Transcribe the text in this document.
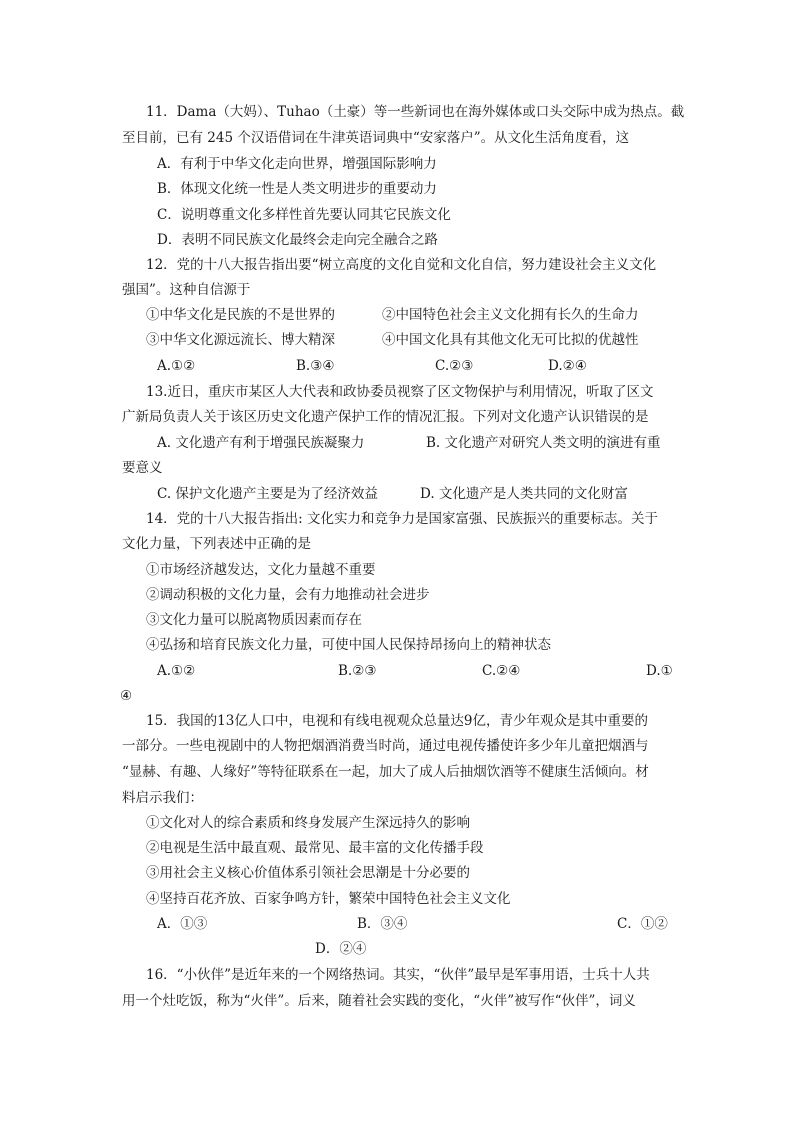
11．Dama（大妈）、Tuhao（土豪）等一些新词也在海外媒体或口头交际中成为热点。截
至目前，已有 245 个汉语借词在牛津英语词典中“安家落户”。从文化生活角度看，这
A．有利于中华文化走向世界，增强国际影响力
B．体现文化统一性是人类文明进步的重要动力
C．说明尊重文化多样性首先要认同其它民族文化
D．表明不同民族文化最终会走向完全融合之路
12．党的十八大报告指出要“树立高度的文化自觉和文化自信，努力建设社会主义文化
强国”。这种自信源于
①中华文化是民族的不是世界的	②中国特色社会主义文化拥有长久的生命力
③中华文化源远流长、博大精深	④中国文化具有其他文化无可比拟的优越性
A.①②	B.③④	C.②③	D.②④
13.近日，重庆市某区人大代表和政协委员视察了区文物保护与利用情况，听取了区文
广新局负责人关于该区历史文化遗产保护工作的情况汇报。下列对文化遗产认识错误的是
A. 文化遗产有利于增强民族凝聚力	B. 文化遗产对研究人类文明的演进有重
要意义
C. 保护文化遗产主要是为了经济效益	D. 文化遗产是人类共同的文化财富
14．党的十八大报告指出: 文化实力和竞争力是国家富强、民族振兴的重要标志。关于
文化力量，下列表述中正确的是
①市场经济越发达，文化力量越不重要
②调动积极的文化力量，会有力地推动社会进步
③文化力量可以脱离物质因素而存在
④弘扬和培育民族文化力量，可使中国人民保持昂扬向上的精神状态
A.①②	B.②③	C.②④	D.①
④
15．我国的13亿人口中，电视和有线电视观众总量达9亿，青少年观众是其中重要的
一部分。一些电视剧中的人物把烟酒消费当时尚，通过电视传播使许多少年儿童把烟酒与
“显赫、有趣、人缘好”等特征联系在一起，加大了成人后抽烟饮酒等不健康生活倾向。材
料启示我们：
①文化对人的综合素质和终身发展产生深远持久的影响
②电视是生活中最直观、最常见、最丰富的文化传播手段
③用社会主义核心价值体系引领社会思潮是十分必要的
④坚持百花齐放、百家争鸣方针，繁荣中国特色社会主义文化
A．①③	B．③④	C．①②
D．②④
16．“小伙伴”是近年来的一个网络热词。其实，“伙伴”最早是军事用语，士兵十人共
用一个灶吃饭，称为“火伴”。后来，随着社会实践的变化，“火伴”被写作“伙伴”，词义
